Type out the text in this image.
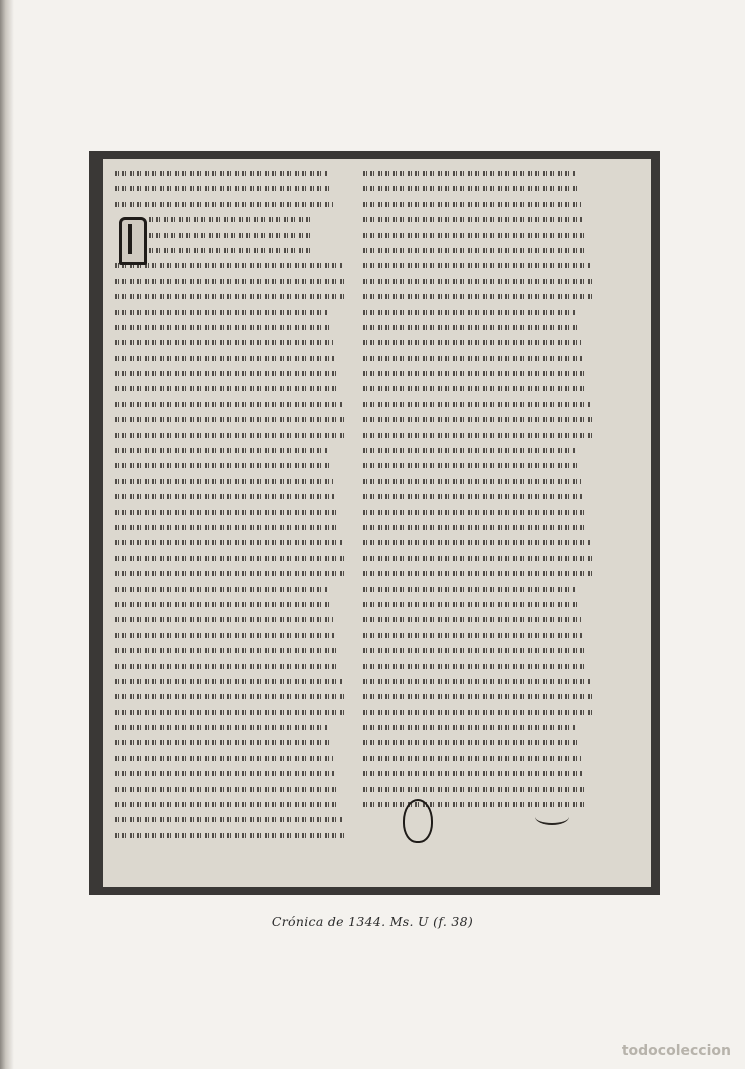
Crónica de 1344. Ms. U (f. 38)
todocoleccion
